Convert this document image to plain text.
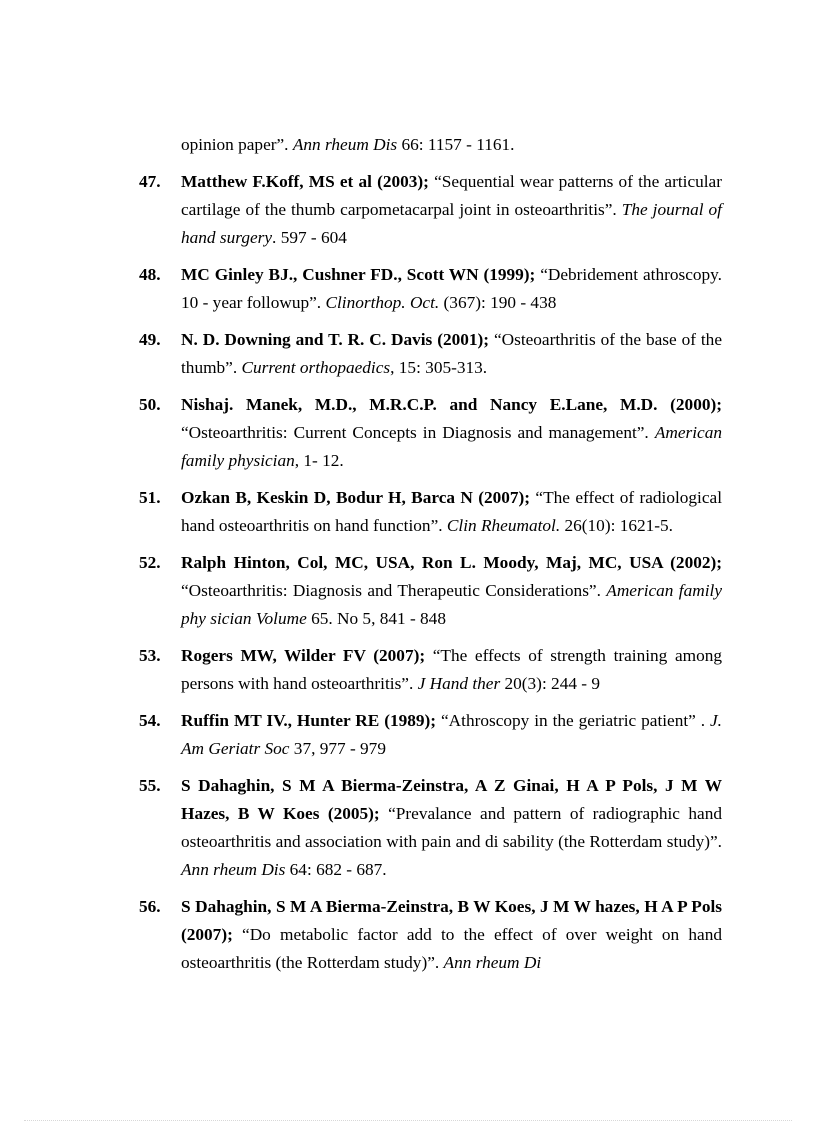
opinion paper”. Ann rheum Dis 66: 1157 - 1161.
47. Matthew F.Koff, MS et al (2003); “Sequential wear patterns of the articular cartilage of the thumb carpometacarpal joint in osteoarthritis”. The journal of hand surgery. 597 - 604
48. MC Ginley BJ., Cushner FD., Scott WN (1999); “Debridement athroscopy. 10 - year followup”. Clinorthop. Oct. (367): 190 - 438
49. N. D. Downing and T. R. C. Davis (2001); “Osteoarthritis of the base of the thumb”. Current orthopaedics, 15: 305-313.
50. Nishaj. Manek, M.D., M.R.C.P. and Nancy E.Lane, M.D. (2000); “Osteoarthritis: Current Concepts in Diagnosis and management”. American family physician, 1- 12.
51. Ozkan B, Keskin D, Bodur H, Barca N (2007); “The effect of radiological hand osteoarthritis on hand function”. Clin Rheumatol. 26(10): 1621-5.
52. Ralph Hinton, Col, MC, USA, Ron L. Moody, Maj, MC, USA (2002); “Osteoarthritis: Diagnosis and Therapeutic Considerations”. American family phy sician Volume 65. No 5, 841 - 848
53. Rogers MW, Wilder FV (2007); “The effects of strength training among persons with hand osteoarthritis”. J Hand ther 20(3): 244 - 9
54. Ruffin MT IV., Hunter RE (1989); “Athroscopy in the geriatric patient” . J. Am Geriatr Soc 37, 977 - 979
55. S Dahaghin, S M A Bierma-Zeinstra, A Z Ginai, H A P Pols, J M W Hazes, B W Koes (2005); “Prevalance and pattern of radiographic hand osteoarthritis and association with pain and di sability (the Rotterdam study)”. Ann rheum Dis 64: 682 - 687.
56. S Dahaghin, S M A Bierma-Zeinstra, B W Koes, J M W hazes, H A P Pols (2007); “Do metabolic factor add to the effect of over weight on hand osteoarthritis (the Rotterdam study)”. Ann rheum Di
